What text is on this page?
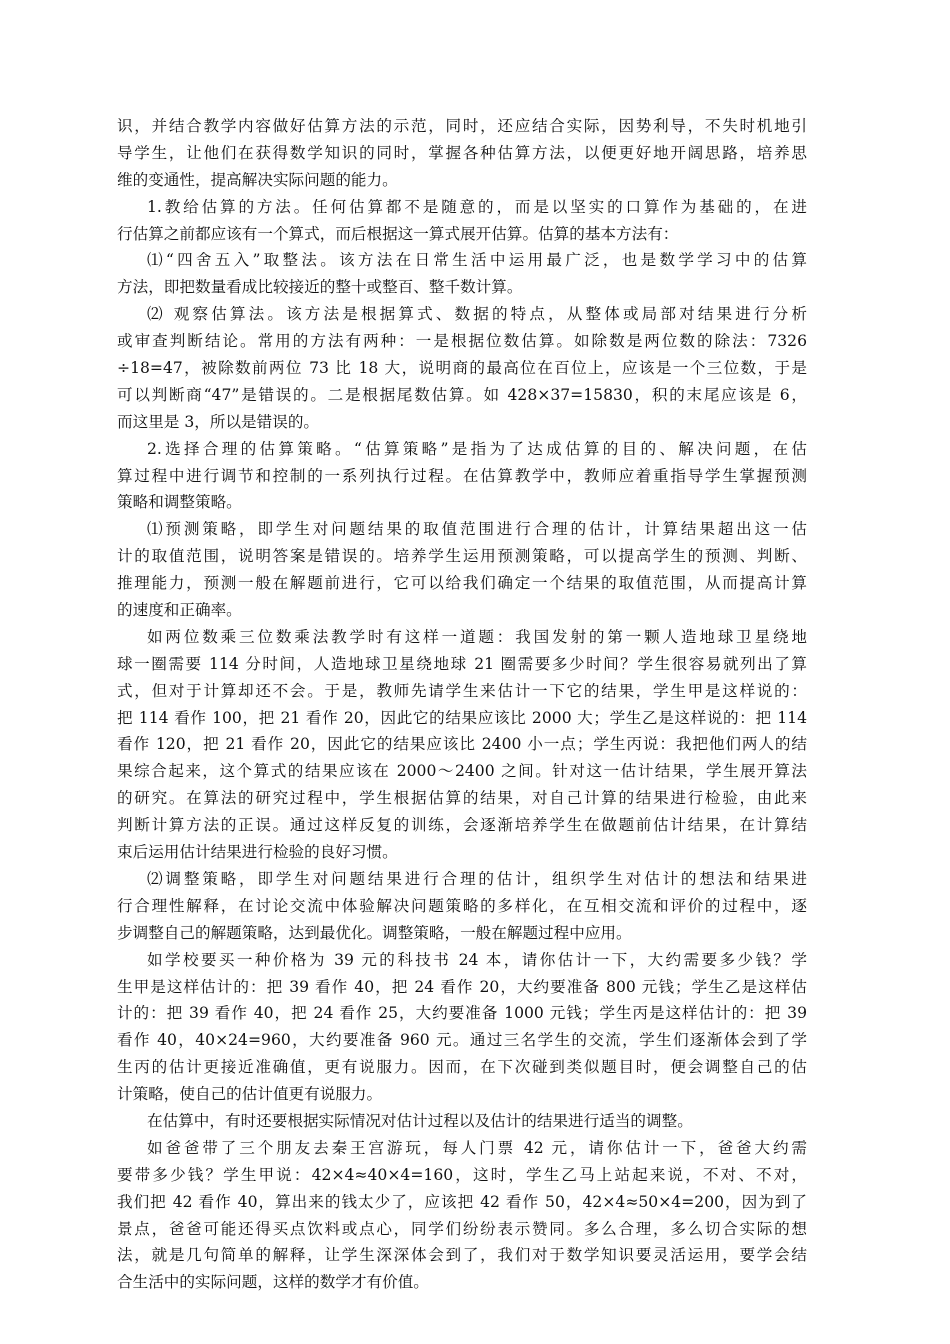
识，并结合教学内容做好估算方法的示范，同时，还应结合实际，因势利导，不失时机地引
导学生，让他们在获得数学知识的同时，掌握各种估算方法，以便更好地开阔思路，培养思
维的变通性，提高解决实际问题的能力。
1.教给估算的方法。任何估算都不是随意的，而是以坚实的口算作为基础的，在进
行估算之前都应该有一个算式，而后根据这一算式展开估算。估算的基本方法有：
⑴“四舍五入”取整法。该方法在日常生活中运用最广泛，也是数学学习中的估算
方法，即把数量看成比较接近的整十或整百、整千数计算。
⑵ 观察估算法。该方法是根据算式、数据的特点，从整体或局部对结果进行分析
或审查判断结论。常用的方法有两种：一是根据位数估算。如除数是两位数的除法：7326
÷18=47，被除数前两位 73 比 18 大，说明商的最高位在百位上，应该是一个三位数，于是
可以判断商“47”是错误的。二是根据尾数估算。如 428×37=15830，积的末尾应该是 6，
而这里是 3，所以是错误的。
2.选择合理的估算策略。“估算策略”是指为了达成估算的目的、解决问题，在估
算过程中进行调节和控制的一系列执行过程。在估算教学中，教师应着重指导学生掌握预测
策略和调整策略。
⑴预测策略，即学生对问题结果的取值范围进行合理的估计，计算结果超出这一估
计的取值范围，说明答案是错误的。培养学生运用预测策略，可以提高学生的预测、判断、
推理能力，预测一般在解题前进行，它可以给我们确定一个结果的取值范围，从而提高计算
的速度和正确率。
如两位数乘三位数乘法教学时有这样一道题：我国发射的第一颗人造地球卫星绕地
球一圈需要 114 分时间，人造地球卫星绕地球 21 圈需要多少时间？学生很容易就列出了算
式，但对于计算却还不会。于是，教师先请学生来估计一下它的结果，学生甲是这样说的：
把 114 看作 100，把 21 看作 20，因此它的结果应该比 2000 大；学生乙是这样说的：把 114
看作 120，把 21 看作 20，因此它的结果应该比 2400 小一点；学生丙说：我把他们两人的结
果综合起来，这个算式的结果应该在 2000～2400 之间。针对这一估计结果，学生展开算法
的研究。在算法的研究过程中，学生根据估算的结果，对自己计算的结果进行检验，由此来
判断计算方法的正误。通过这样反复的训练，会逐渐培养学生在做题前估计结果，在计算结
束后运用估计结果进行检验的良好习惯。
⑵调整策略，即学生对问题结果进行合理的估计，组织学生对估计的想法和结果进
行合理性解释，在讨论交流中体验解决问题策略的多样化，在互相交流和评价的过程中，逐
步调整自己的解题策略，达到最优化。调整策略，一般在解题过程中应用。
如学校要买一种价格为 39 元的科技书 24 本，请你估计一下，大约需要多少钱？学
生甲是这样估计的：把 39 看作 40，把 24 看作 20，大约要准备 800 元钱；学生乙是这样估
计的：把 39 看作 40，把 24 看作 25，大约要准备 1000 元钱；学生丙是这样估计的：把 39
看作 40，40×24=960，大约要准备 960 元。通过三名学生的交流，学生们逐渐体会到了学
生丙的估计更接近准确值，更有说服力。因而，在下次碰到类似题目时，便会调整自己的估
计策略，使自己的估计值更有说服力。
在估算中，有时还要根据实际情况对估计过程以及估计的结果进行适当的调整。
如爸爸带了三个朋友去秦王宫游玩，每人门票 42 元，请你估计一下，爸爸大约需
要带多少钱？学生甲说：42×4≈40×4=160，这时，学生乙马上站起来说，不对、不对，
我们把 42 看作 40，算出来的钱太少了，应该把 42 看作 50，42×4≈50×4=200，因为到了
景点，爸爸可能还得买点饮料或点心，同学们纷纷表示赞同。多么合理，多么切合实际的想
法，就是几句简单的解释，让学生深深体会到了，我们对于数学知识要灵活运用，要学会结
合生活中的实际问题，这样的数学才有价值。
